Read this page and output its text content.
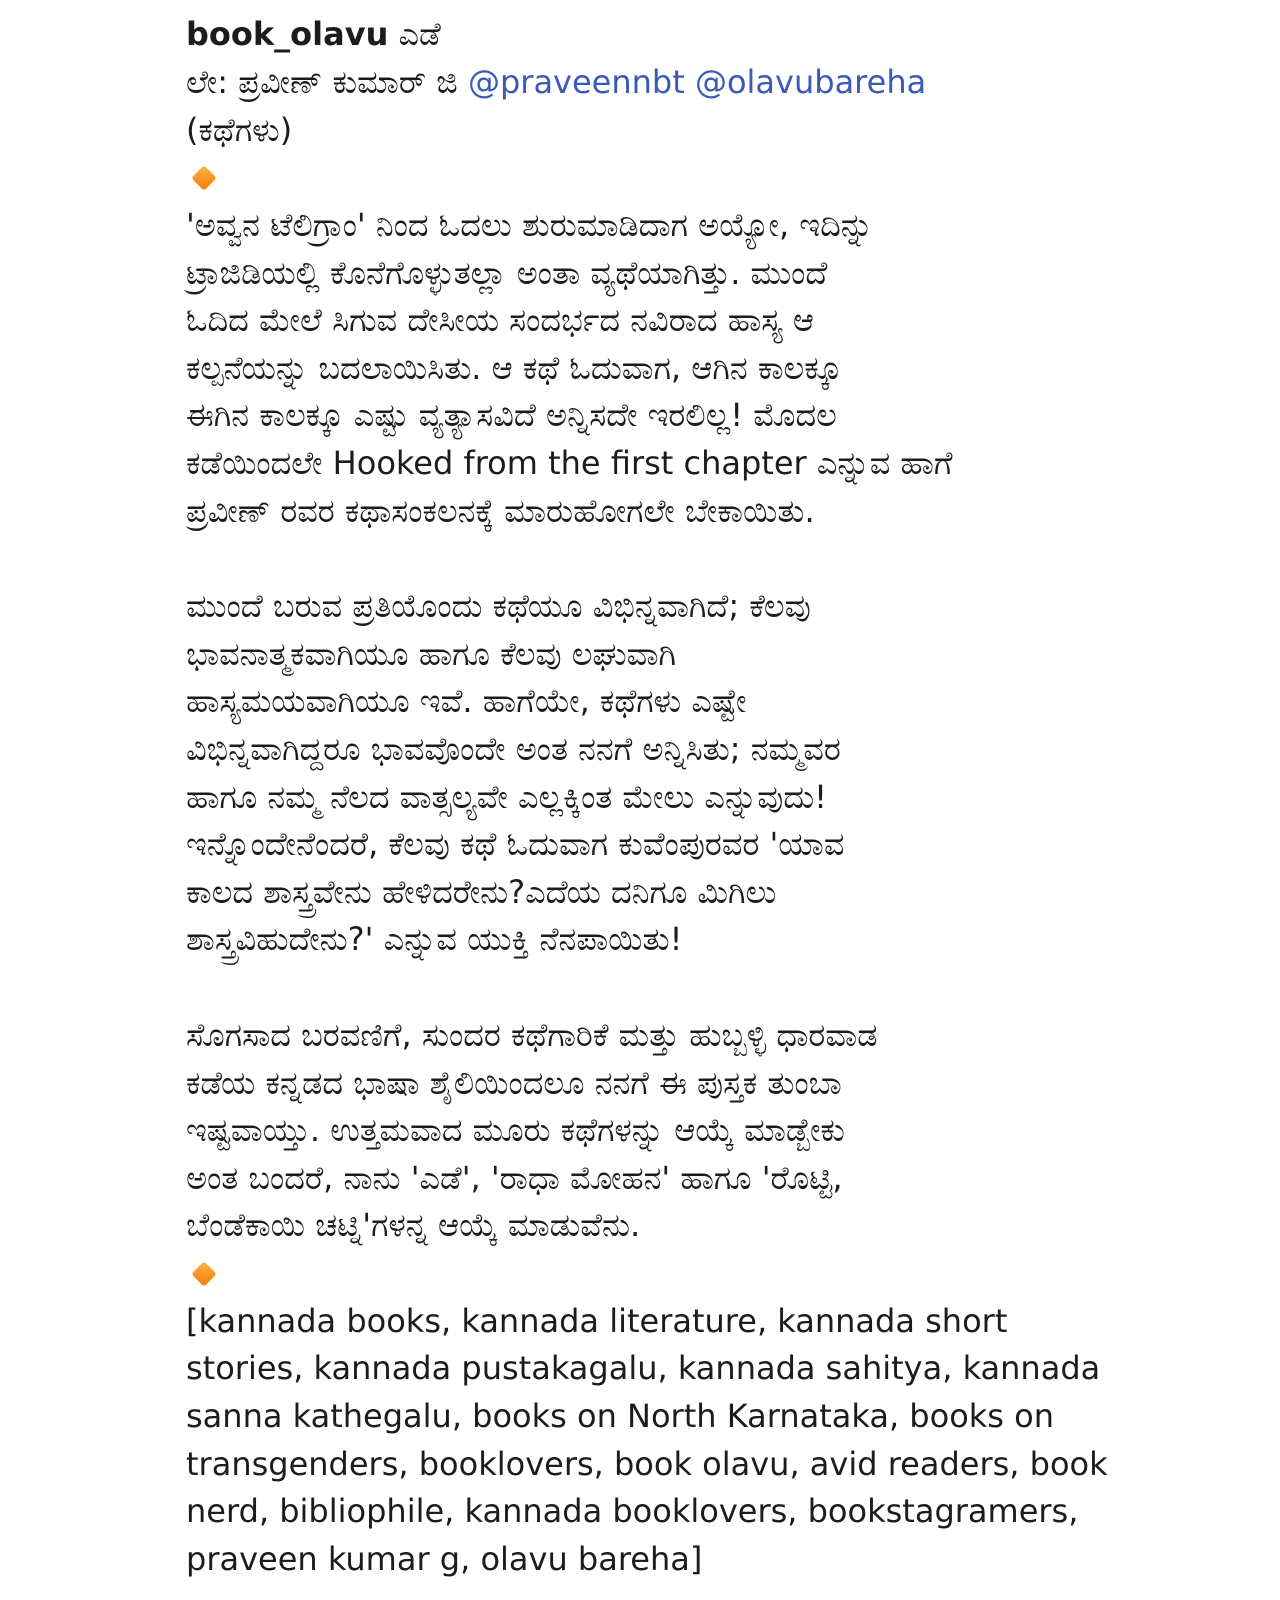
book_olavu ಎಡೆ
ಲೇ: ಪ್ರವೀಣ್ ಕುಮಾರ್ ಜಿ @praveennbt @olavubareha
(ಕಥೆಗಳು)
'ಅವ್ವನ ಟೆಲಿಗ್ರಾಂ' ನಿಂದ ಓದಲು ಶುರುಮಾಡಿದಾಗ ಅಯ್ಯೋ, ಇದಿನ್ನು
ಟ್ರಾಜಿಡಿಯಲ್ಲಿ ಕೊನೆಗೊಳ್ಳುತಲ್ಲಾ ಅಂತಾ ವ್ಯಥೆಯಾಗಿತ್ತು. ಮುಂದೆ
ಓದಿದ ಮೇಲೆ ಸಿಗುವ ದೇಸೀಯ ಸಂದರ್ಭದ ನವಿರಾದ ಹಾಸ್ಯ ಆ
ಕಲ್ಪನೆಯನ್ನು ಬದಲಾಯಿಸಿತು. ಆ ಕಥೆ ಓದುವಾಗ, ಆಗಿನ ಕಾಲಕ್ಕೂ
ಈಗಿನ ಕಾಲಕ್ಕೂ ಎಷ್ಟು ವ್ಯತ್ಯಾಸವಿದೆ ಅನ್ನಿಸದೇ ಇರಲಿಲ್ಲ! ಮೊದಲ
ಕಡೆಯಿಂದಲೇ Hooked from the first chapter ಎನ್ನುವ ಹಾಗೆ
ಪ್ರವೀಣ್ ರವರ ಕಥಾಸಂಕಲನಕ್ಕೆ ಮಾರುಹೋಗಲೇ ಬೇಕಾಯಿತು.
ಮುಂದೆ ಬರುವ ಪ್ರತಿಯೊಂದು ಕಥೆಯೂ ವಿಭಿನ್ನವಾಗಿದೆ; ಕೆಲವು
ಭಾವನಾತ್ಮಕವಾಗಿಯೂ ಹಾಗೂ ಕೆಲವು ಲಘುವಾಗಿ
ಹಾಸ್ಯಮಯವಾಗಿಯೂ ಇವೆ. ಹಾಗೆಯೇ, ಕಥೆಗಳು ಎಷ್ಟೇ
ವಿಭಿನ್ನವಾಗಿದ್ದರೂ ಭಾವವೊಂದೇ ಅಂತ ನನಗೆ ಅನ್ನಿಸಿತು; ನಮ್ಮವರ
ಹಾಗೂ ನಮ್ಮ ನೆಲದ ವಾತ್ಸಲ್ಯವೇ ಎಲ್ಲಕ್ಕಿಂತ ಮೇಲು ಎನ್ನುವುದು!
ಇನ್ನೊಂದೇನೆಂದರೆ, ಕೆಲವು ಕಥೆ ಓದುವಾಗ ಕುವೆಂಪುರವರ 'ಯಾವ
ಕಾಲದ ಶಾಸ್ತ್ರವೇನು ಹೇಳಿದರೇನು?ಎದೆಯ ದನಿಗೂ ಮಿಗಿಲು
ಶಾಸ್ತ್ರವಿಹುದೇನು?' ಎನ್ನುವ ಯುಕ್ತಿ ನೆನಪಾಯಿತು!
ಸೊಗಸಾದ ಬರವಣಿಗೆ, ಸುಂದರ ಕಥೆಗಾರಿಕೆ ಮತ್ತು ಹುಬ್ಬಳ್ಳಿ ಧಾರವಾಡ
ಕಡೆಯ ಕನ್ನಡದ ಭಾಷಾ ಶೈಲಿಯಿಂದಲೂ ನನಗೆ ಈ ಪುಸ್ತಕ ತುಂಬಾ
ಇಷ್ಟವಾಯ್ತು. ಉತ್ತಮವಾದ ಮೂರು ಕಥೆಗಳನ್ನು ಆಯ್ಕೆ ಮಾಡ್ಬೇಕು
ಅಂತ ಬಂದರೆ, ನಾನು 'ಎಡೆ', 'ರಾಧಾ ಮೋಹನ' ಹಾಗೂ 'ರೊಟ್ಟಿ,
ಬೆಂಡೆಕಾಯಿ ಚಟ್ನಿ'ಗಳನ್ನ ಆಯ್ಕೆ ಮಾಡುವೆನು.
[kannada books, kannada literature, kannada short
stories, kannada pustakagalu, kannada sahitya, kannada
sanna kathegalu, books on North Karnataka, books on
transgenders, booklovers, book olavu, avid readers, book
nerd, bibliophile, kannada booklovers, bookstagramers,
praveen kumar g, olavu bareha]
